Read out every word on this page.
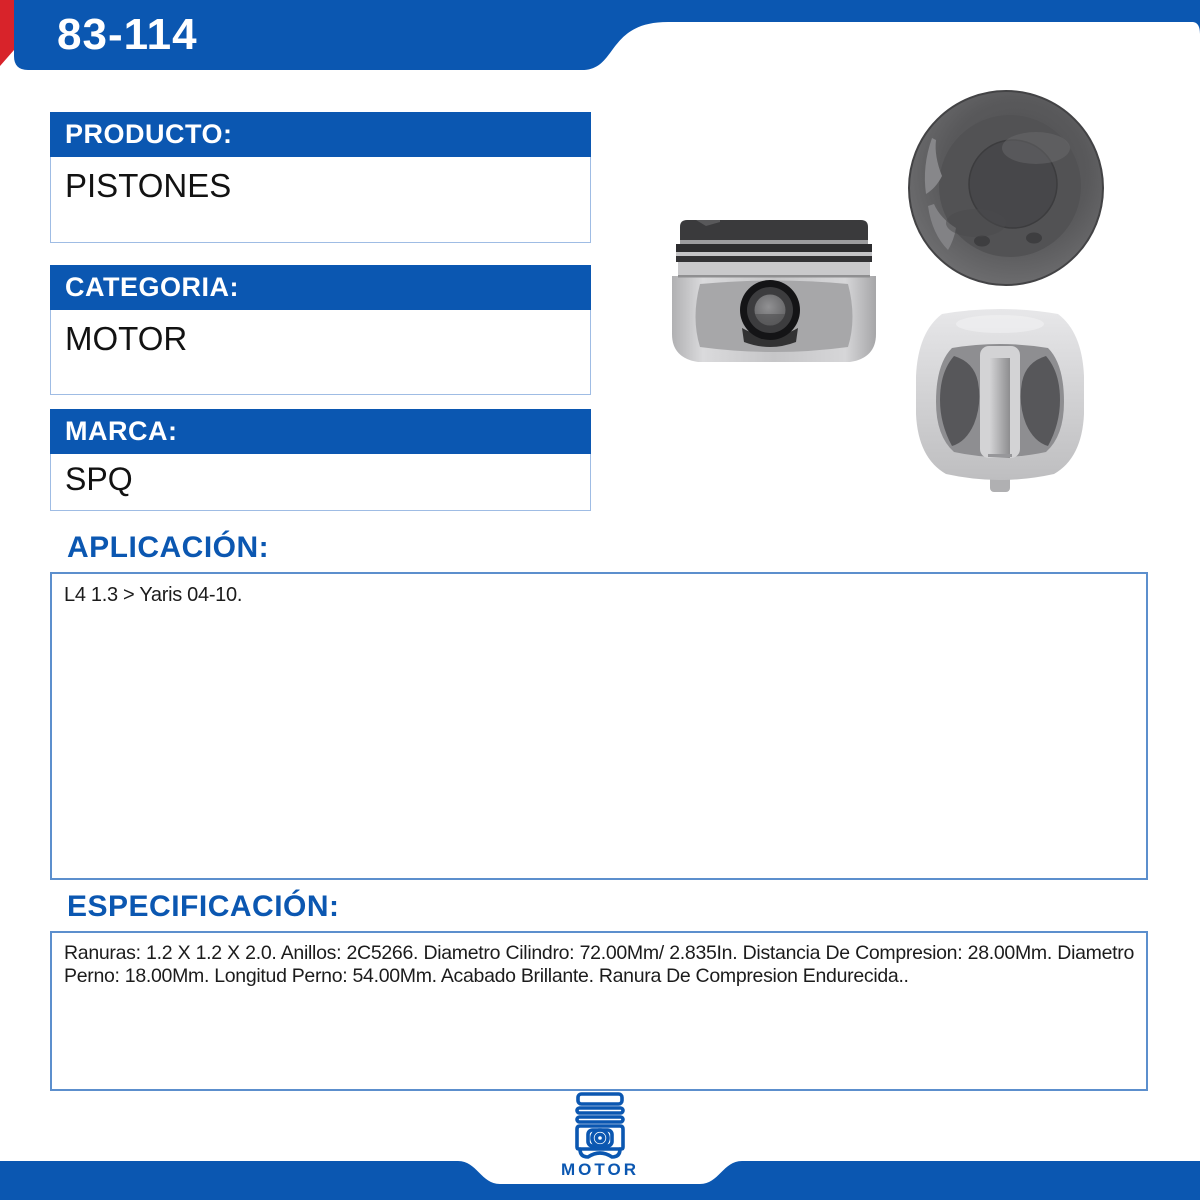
83-114
PRODUCTO:
PISTONES
CATEGORIA:
MOTOR
MARCA:
SPQ
APLICACIÓN:

L4 1.3 > Yaris 04-10.

ESPECIFICACIÓN:

Ranuras: 1.2 X 1.2 X 2.0. Anillos: 2C5266. Diametro Cilindro: 72.00Mm/ 2.835In. Distancia De Compresion: 28.00Mm. Diametro Perno: 18.00Mm. Longitud Perno: 54.00Mm. Acabado Brillante. Ranura De Compresion Endurecida..

MOTOR
